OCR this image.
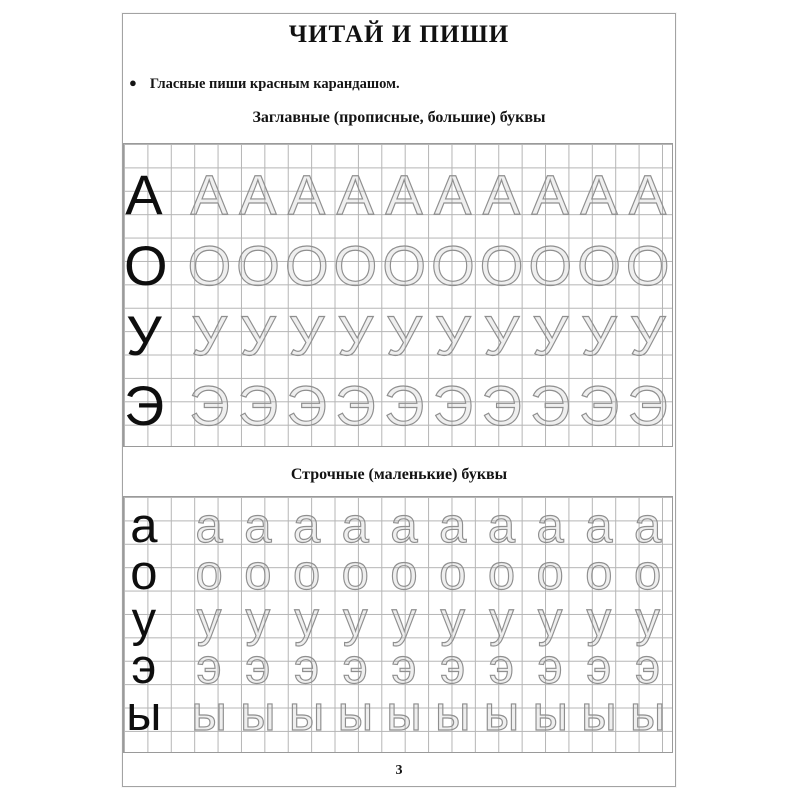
ЧИТАЙ И ПИШИ
● Гласные пиши красным карандашом.
Заглавные (прописные, большие) буквы
А А А А А А А А А А А
О О О О О О О О О О О
У У У У У У У У У У У
Э Э Э Э Э Э Э Э Э Э Э
Строчные (маленькие) буквы
а а а а а а а а а а а
о о о о о о о о о о о
у у у у у у у у у у у
э э э э э э э э э э э
ы ы ы ы ы ы ы ы ы ы ы
3
